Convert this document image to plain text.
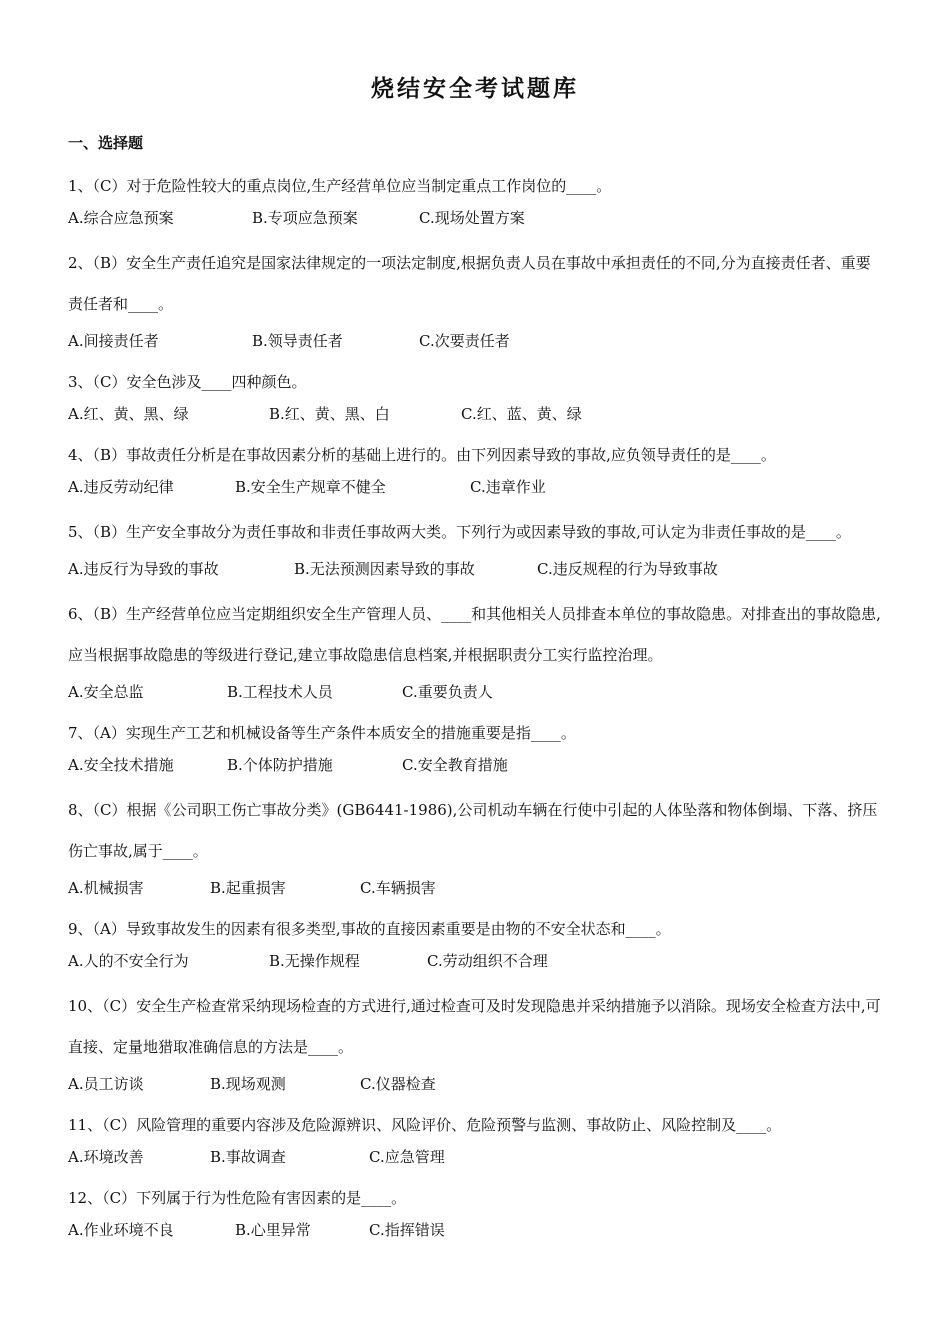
烧结安全考试题库
一、选择题
1、（C）对于危险性较大的重点岗位,生产经营单位应当制定重点工作岗位的____。
A.综合应急预案	B.专项应急预案	C.现场处置方案
2、（B）安全生产责任追究是国家法律规定的一项法定制度,根据负责人员在事故中承担责任的不同,分为直接责任者、重要责任者和____。
A.间接责任者	B.领导责任者	C.次要责任者
3、（C）安全色涉及____四种颜色。
A.红、黄、黑、绿	B.红、黄、黑、白	C.红、蓝、黄、绿
4、（B）事故责任分析是在事故因素分析的基础上进行的。由下列因素导致的事故,应负领导责任的是____。
A.违反劳动纪律	B.安全生产规章不健全	C.违章作业
5、（B）生产安全事故分为责任事故和非责任事故两大类。下列行为或因素导致的事故,可认定为非责任事故的是____。
A.违反行为导致的事故	B.无法预测因素导致的事故	C.违反规程的行为导致事故
6、（B）生产经营单位应当定期组织安全生产管理人员、____和其他相关人员排查本单位的事故隐患。对排查出的事故隐患,应当根据事故隐患的等级进行登记,建立事故隐患信息档案,并根据职责分工实行监控治理。
A.安全总监	B.工程技术人员	C.重要负责人
7、（A）实现生产工艺和机械设备等生产条件本质安全的措施重要是指____。
A.安全技术措施	B.个体防护措施	C.安全教育措施
8、（C）根据《公司职工伤亡事故分类》(GB6441-1986),公司机动车辆在行使中引起的人体坠落和物体倒塌、下落、挤压伤亡事故,属于____。
A.机械损害	B.起重损害	C.车辆损害
9、（A）导致事故发生的因素有很多类型,事故的直接因素重要是由物的不安全状态和____。
A.人的不安全行为	B.无操作规程	C.劳动组织不合理
10、（C）安全生产检查常采纳现场检查的方式进行,通过检查可及时发现隐患并采纳措施予以消除。现场安全检查方法中,可直接、定量地猎取准确信息的方法是____。
A.员工访谈	B.现场观测	C.仪器检查
11、（C）风险管理的重要内容涉及危险源辨识、风险评价、危险预警与监测、事故防止、风险控制及____。
A.环境改善	B.事故调查	C.应急管理
12、（C）下列属于行为性危险有害因素的是____。
A.作业环境不良	B.心里异常	C.指挥错误
